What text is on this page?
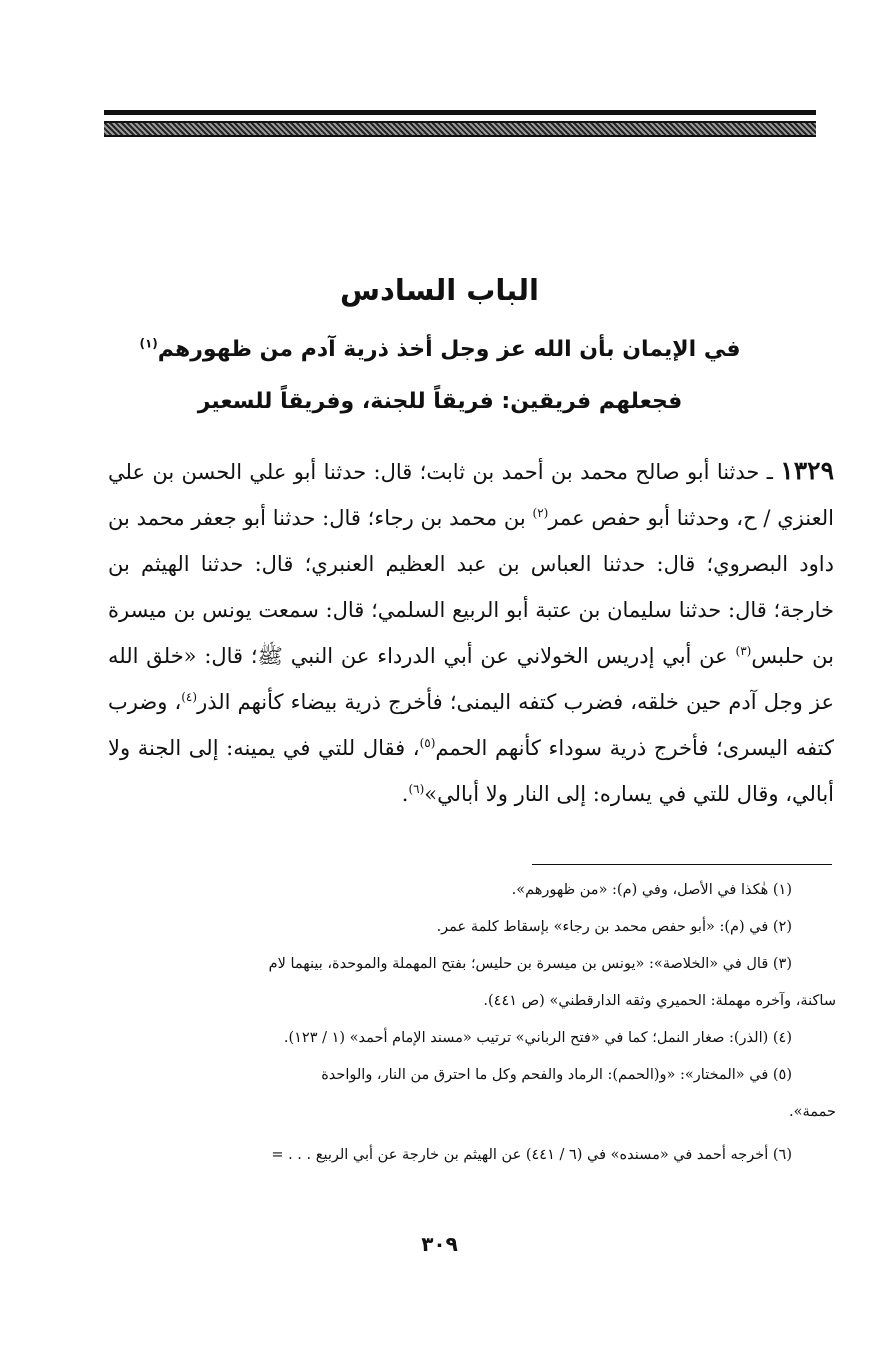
الباب السادس

في الإيمان بأن الله عز وجل أخذ ذرية آدم من ظهورهم$^{(١)}$

فجعلهم فريقين: فريقاً للجنة، وفريقاً للسعير

١٣٢٩ ـ حدثنا أبو صالح محمد بن أحمد بن ثابت؛ قال: حدثنا أبو علي الحسن بن علي العنزي / ح، وحدثنا أبو حفص عمر$^{(٢)}$ بن محمد بن رجاء؛ قال: حدثنا أبو جعفر محمد بن داود البصروي؛ قال: حدثنا العباس بن عبد العظيم العنبري؛ قال: حدثنا الهيثم بن خارجة؛ قال: حدثنا سليمان بن عتبة أبو الربيع السلمي؛ قال: سمعت يونس بن ميسرة بن حلبس$^{(٣)}$ عن أبي إدريس الخولاني عن أبي الدرداء عن النبي ﷺ؛ قال: «خلق الله عز وجل آدم حين خلقه، فضرب كتفه اليمنى؛ فأخرج ذرية بيضاء كأنهم الذر$^{(٤)}$، وضرب كتفه اليسرى؛ فأخرج ذرية سوداء كأنهم الحمم$^{(٥)}$، فقال للتي في يمينه: إلى الجنة ولا أبالي، وقال للتي في يساره: إلى النار ولا أبالي»$^{(٦)}$.

(١) هٰكذا في الأصل، وفي (م): «من ظهورهم».

(٢) في (م): «أبو حفص محمد بن رجاء» بإسقاط كلمة عمر.

(٣) قال في «الخلاصة»: «يونس بن ميسرة بن حليس؛ بفتح المهملة والموحدة، بينهما لام

ساكنة، وآخره مهملة: الحميري وثقه الدارقطني» (ص ٤٤١).

(٤) (الذر): صغار النمل؛ كما في «فتح الرباني» ترتيب «مسند الإمام أحمد» (١ / ١٢٣).

(٥) في «المختار»: «و(الحمم): الرماد والفحم وكل ما احترق من النار، والواحدة

حممة».

(٦) أخرجه أحمد في «مسنده» في (٦ / ٤٤١) عن الهيثم بن خارجة عن أبي الربيع . . . =

٣٠٩
